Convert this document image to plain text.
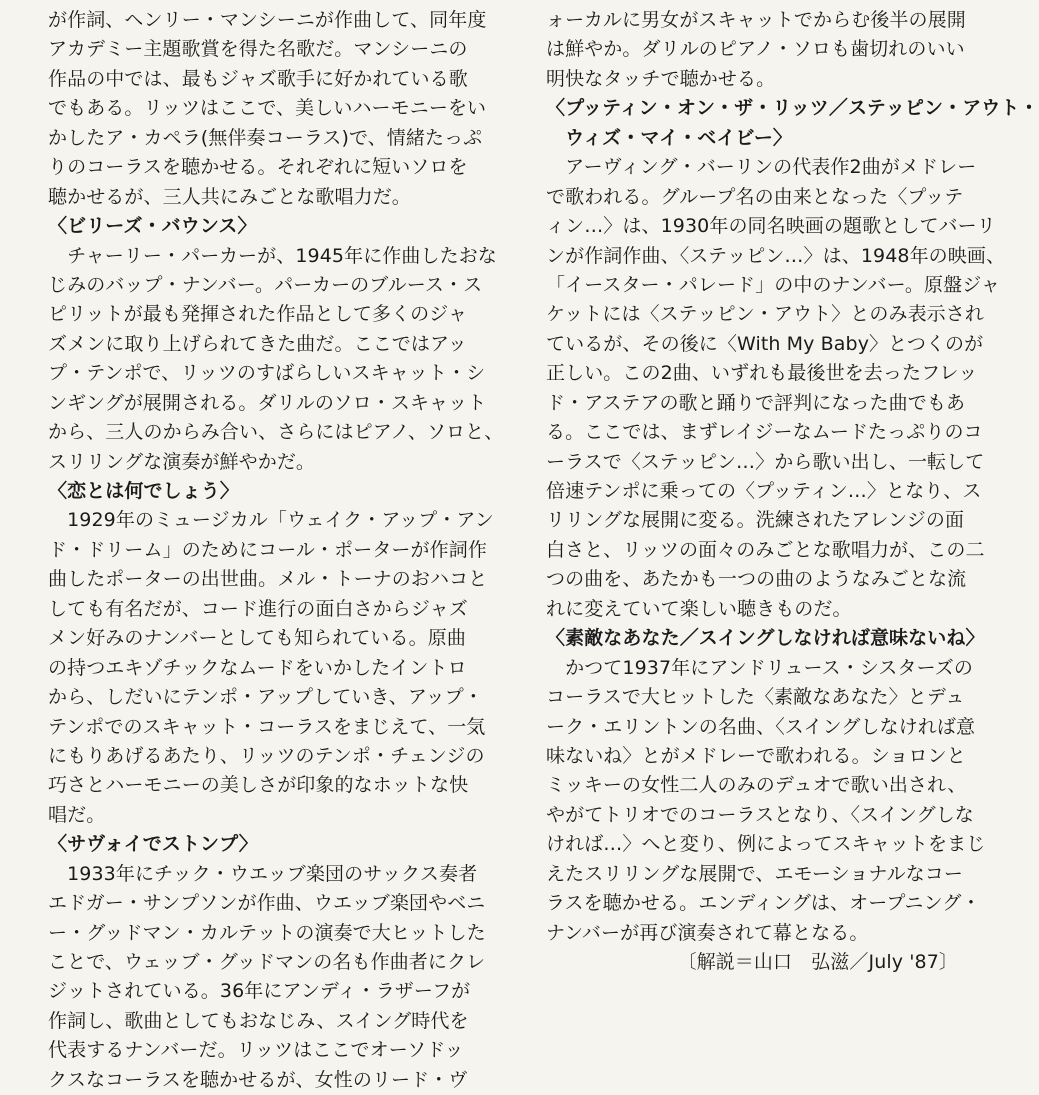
が作詞、ヘンリー・マンシーニが作曲して、同年度
アカデミー主題歌賞を得た名歌だ。マンシーニの
作品の中では、最もジャズ歌手に好かれている歌
でもある。リッツはここで、美しいハーモニーをい
かしたア・カペラ(無伴奏コーラス)で、情緒たっぷ
りのコーラスを聴かせる。それぞれに短いソロを
聴かせるが、三人共にみごとな歌唱力だ。
〈ビリーズ・バウンス〉
　チャーリー・パーカーが、1945年に作曲したおな
じみのバップ・ナンバー。パーカーのブルース・ス
ピリットが最も発揮された作品として多くのジャ
ズメンに取り上げられてきた曲だ。ここではアッ
プ・テンポで、リッツのすばらしいスキャット・シ
ンギングが展開される。ダリルのソロ・スキャット
から、三人のからみ合い、さらにはピアノ、ソロと、
スリリングな演奏が鮮やかだ。
〈恋とは何でしょう〉
　1929年のミュージカル「ウェイク・アップ・アン
ド・ドリーム」のためにコール・ポーターが作詞作
曲したポーターの出世曲。メル・トーナのおハコと
しても有名だが、コード進行の面白さからジャズ
メン好みのナンバーとしても知られている。原曲
の持つエキゾチックなムードをいかしたイントロ
から、しだいにテンポ・アップしていき、アップ・
テンポでのスキャット・コーラスをまじえて、一気
にもりあげるあたり、リッツのテンポ・チェンジの
巧さとハーモニーの美しさが印象的なホットな快
唱だ。
〈サヴォイでストンプ〉
　1933年にチック・ウエッブ楽団のサックス奏者
エドガー・サンプソンが作曲、ウエッブ楽団やベニ
ー・グッドマン・カルテットの演奏で大ヒットした
ことで、ウェッブ・グッドマンの名も作曲者にクレ
ジットされている。36年にアンディ・ラザーフが
作詞し、歌曲としてもおなじみ、スイング時代を
代表するナンバーだ。リッツはここでオーソドッ
クスなコーラスを聴かせるが、女性のリード・ヴ
ォーカルに男女がスキャットでからむ後半の展開
は鮮やか。ダリルのピアノ・ソロも歯切れのいい
明快なタッチで聴かせる。
〈プッティン・オン・ザ・リッツ／ステッピン・アウト・
　ウィズ・マイ・ベイビー〉
　アーヴィング・バーリンの代表作2曲がメドレー
で歌われる。グループ名の由来となった〈プッテ
ィン…〉は、1930年の同名映画の題歌としてバーリ
ンが作詞作曲、〈ステッピン…〉は、1948年の映画、
「イースター・パレード」の中のナンバー。原盤ジャ
ケットには〈ステッピン・アウト〉とのみ表示され
ているが、その後に〈With My Baby〉とつくのが
正しい。この2曲、いずれも最後世を去ったフレッ
ド・アステアの歌と踊りで評判になった曲でもあ
る。ここでは、まずレイジーなムードたっぷりのコ
ーラスで〈ステッピン…〉から歌い出し、一転して
倍速テンポに乗っての〈プッティン…〉となり、ス
リリングな展開に変る。洗練されたアレンジの面
白さと、リッツの面々のみごとな歌唱力が、この二
つの曲を、あたかも一つの曲のようなみごとな流
れに変えていて楽しい聴きものだ。
〈素敵なあなた／スイングしなければ意味ないね〉
　かつて1937年にアンドリュース・シスターズの
コーラスで大ヒットした〈素敵なあなた〉とデュ
ーク・エリントンの名曲、〈スイングしなければ意
味ないね〉とがメドレーで歌われる。ショロンと
ミッキーの女性二人のみのデュオで歌い出され、
やがてトリオでのコーラスとなり、〈スイングしな
ければ…〉へと変り、例によってスキャットをまじ
えたスリリングな展開で、エモーショナルなコー
ラスを聴かせる。エンディングは、オープニング・
ナンバーが再び演奏されて幕となる。
〔解説＝山口　弘滋／July '87〕
